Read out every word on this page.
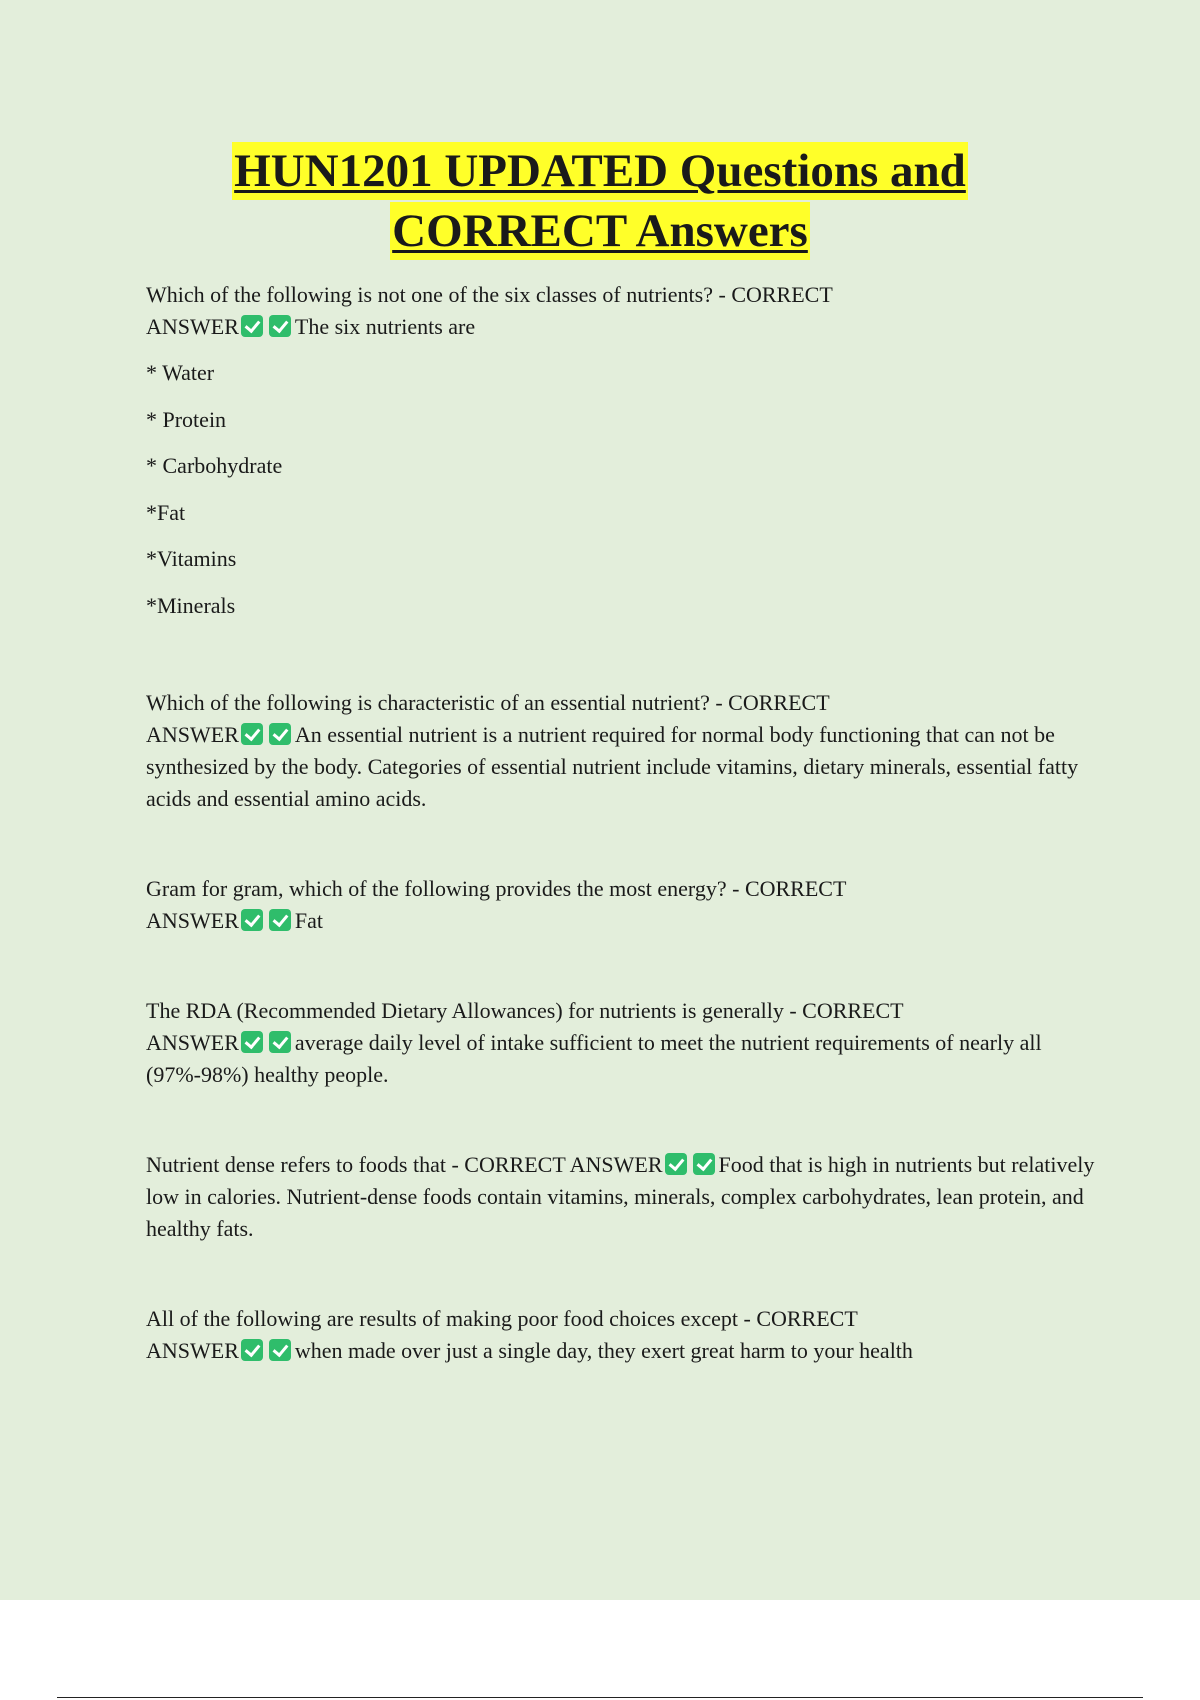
HUN1201 UPDATED Questions and
CORRECT Answers

Which of the following is not one of the six classes of nutrients? - CORRECT
ANSWER	The six nutrients are

* Water
* Protein
* Carbohydrate
*Fat
*Vitamins
*Minerals

Which of the following is characteristic of an essential nutrient? - CORRECT
ANSWER	An essential nutrient is a nutrient required for normal body functioning that can not be synthesized by the body. Categories of essential nutrient include vitamins, dietary minerals, essential fatty acids and essential amino acids.

Gram for gram, which of the following provides the most energy? - CORRECT
ANSWER	Fat

The RDA (Recommended Dietary Allowances) for nutrients is generally - CORRECT
ANSWER	average daily level of intake sufficient to meet the nutrient requirements of nearly all (97%-98%) healthy people.

Nutrient dense refers to foods that - CORRECT ANSWER	Food that is high in nutrients but relatively low in calories. Nutrient-dense foods contain vitamins, minerals, complex carbohydrates, lean protein, and healthy fats.

All of the following are results of making poor food choices except - CORRECT
ANSWER	when made over just a single day, they exert great harm to your health
